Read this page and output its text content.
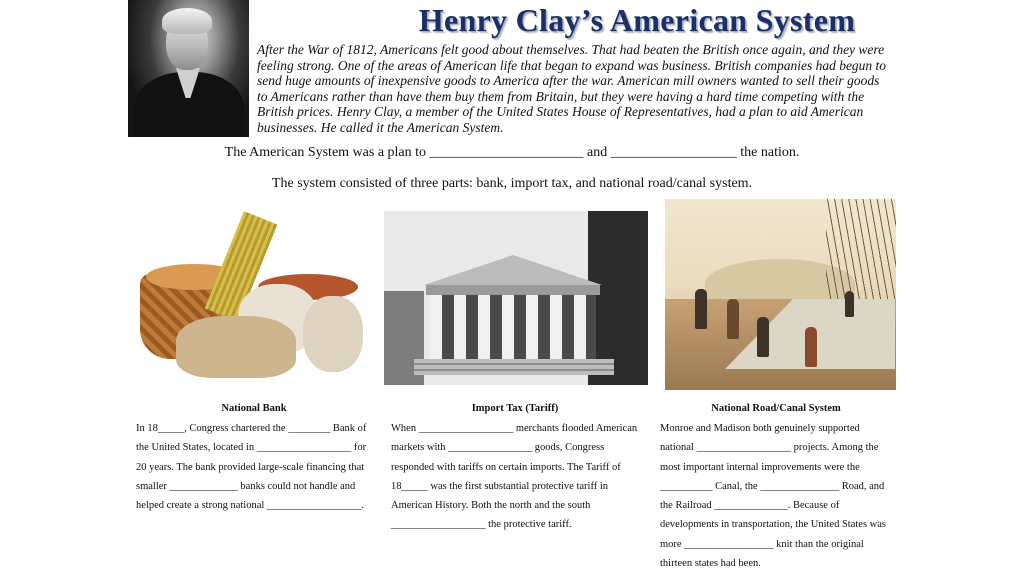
Henry Clay’s American System

After the War of 1812, Americans felt good about themselves. That had beaten the British once again, and they were feeling strong. One of the areas of American life that began to expand was business. British companies had begun to send huge amounts of inexpensive goods to America after the war. American mill owners wanted to sell their goods to Americans rather than have them buy them from Britain, but they were having a hard time competing with the British prices. Henry Clay, a member of the United States House of Representatives, had a plan to aid American businesses. He called it the American System.

The American System was a plan to ______________________ and __________________ the nation.

The system consisted of three parts: bank, import tax, and national road/canal system.

National Bank

In 18_____, Congress chartered the ________ Bank of the United States, located in __________________ for 20 years. The bank provided large-scale financing that smaller _____________ banks could not handle and helped create a strong national __________________.

Import Tax (Tariff)

When __________________ merchants flooded American markets with ________________ goods, Congress responded with tariffs on certain imports. The Tariff of 18_____ was the first substantial protective tariff in American History. Both the north and the south __________________ the protective tariff.

National Road/Canal System

Monroe and Madison both genuinely supported national __________________ projects. Among the most important internal improvements were the __________ Canal, the _______________ Road, and the Railroad ______________. Because of developments in transportation, the United States was more _________________ knit than the original thirteen states had been.
